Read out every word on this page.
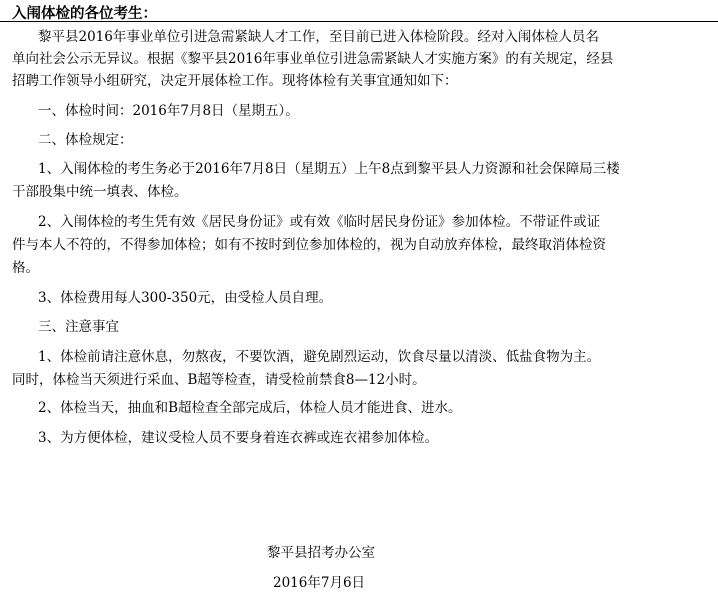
入闱体检的各位考生：
黎平县2016年事业单位引进急需紧缺人才工作，至目前已进入体检阶段。经对入闱体检人员名
单向社会公示无异议。根据《黎平县2016年事业单位引进急需紧缺人才实施方案》的有关规定，经县
招聘工作领导小组研究，决定开展体检工作。现将体检有关事宜通知如下：
一、体检时间：2016年7月8日（星期五）。
二、体检规定：
1、入闱体检的考生务必于2016年7月8日（星期五）上午8点到黎平县人力资源和社会保障局三楼
干部股集中统一填表、体检。
2、入闱体检的考生凭有效《居民身份证》或有效《临时居民身份证》参加体检。不带证件或证
件与本人不符的，不得参加体检；如有不按时到位参加体检的，视为自动放弃体检，最终取消体检资
格。
3、体检费用每人300-350元，由受检人员自理。
三、注意事宜
1、体检前请注意休息，勿熬夜，不要饮酒，避免剧烈运动，饮食尽量以清淡、低盐食物为主。
同时，体检当天须进行采血、B超等检查，请受检前禁食8—12小时。
2、体检当天，抽血和B超检查全部完成后，体检人员才能进食、进水。
3、为方便体检，建议受检人员不要身着连衣裤或连衣裙参加体检。
黎平县招考办公室
2016年7月6日
